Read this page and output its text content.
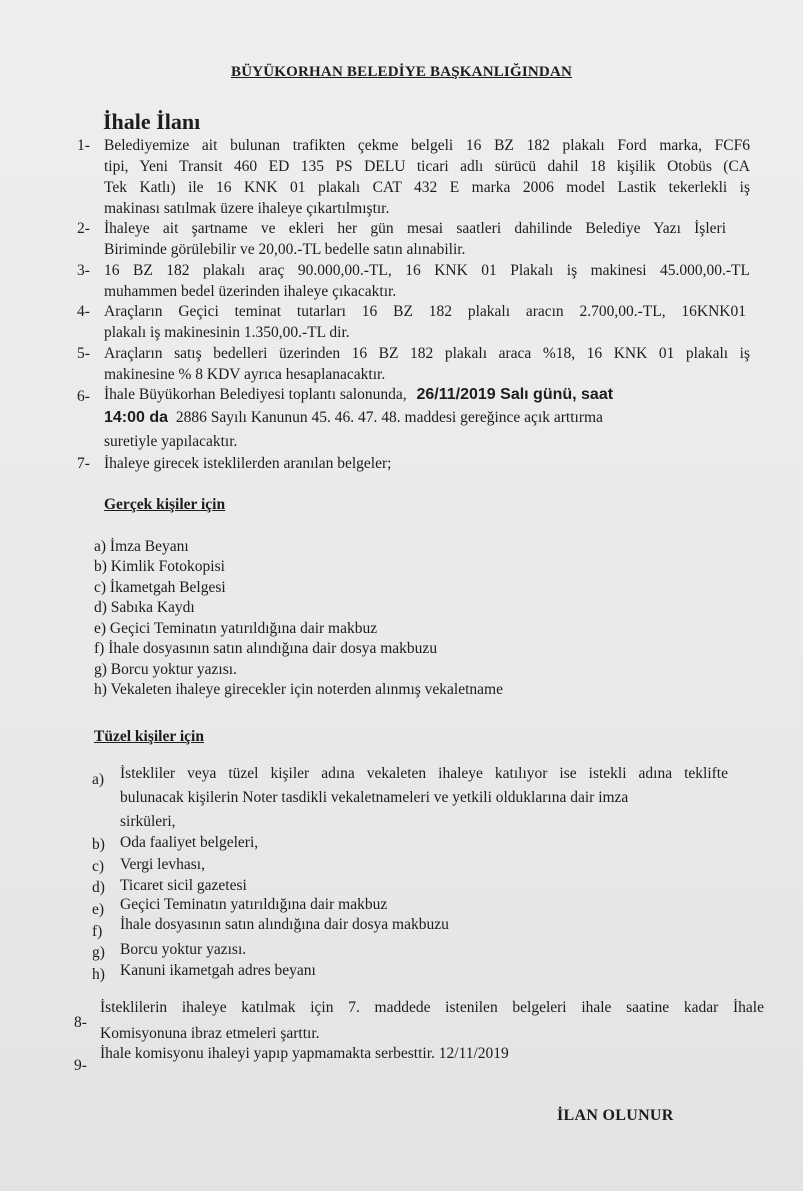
BÜYÜKORHAN BELEDİYE BAŞKANLIĞINDAN
İhale İlanı
1- Belediyemize ait bulunan trafikten çekme belgeli 16 BZ 182 plakalı Ford marka, FCF6
tipi, Yeni Transit 460 ED 135 PS DELU ticari adlı sürücü dahil 18 kişilik Otobüs (CA
Tek Katlı) ile 16 KNK 01 plakalı CAT 432 E marka 2006 model Lastik tekerlekli iş
makinası satılmak üzere ihaleye çıkartılmıştır.
2- İhaleye ait şartname ve ekleri her gün mesai saatleri dahilinde Belediye Yazı İşleri
Biriminde görülebilir ve 20,00.-TL bedelle satın alınabilir.
3- 16 BZ 182 plakalı araç 90.000,00.-TL, 16 KNK 01 Plakalı iş makinesi 45.000,00.-TL
muhammen bedel üzerinden ihaleye çıkacaktır.
4- Araçların Geçici teminat tutarları 16 BZ 182 plakalı aracın 2.700,00.-TL, 16KNK01
plakalı iş makinesinin 1.350,00.-TL dir.
5- Araçların satış bedelleri üzerinden 16 BZ 182 plakalı araca %18, 16 KNK 01 plakalı iş
makinesine % 8 KDV ayrıca hesaplanacaktır.
6- İhale Büyükorhan Belediyesi toplantı salonunda, 26/11/2019 Salı günü, saat
14:00 da 2886 Sayılı Kanunun 45. 46. 47. 48. maddesi gereğince açık arttırma
suretiyle yapılacaktır.
7- İhaleye girecek isteklilerden aranılan belgeler;
Gerçek kişiler için
a) İmza Beyanı
b) Kimlik Fotokopisi
c) İkametgah Belgesi
d) Sabıka Kaydı
e) Geçici Teminatın yatırıldığına dair makbuz
f) İhale dosyasının satın alındığına dair dosya makbuzu
g) Borcu yoktur yazısı.
h) Vekaleten ihaleye girecekler için noterden alınmış vekaletname
Tüzel kişiler için
a) İstekliler veya tüzel kişiler adına vekaleten ihaleye katılıyor ise istekli adına teklifte
bulunacak kişilerin Noter tasdikli vekaletnameleri ve yetkili olduklarına dair imza
sirküleri,
b) Oda faaliyet belgeleri,
c) Vergi levhası,
d) Ticaret sicil gazetesi
e) Geçici Teminatın yatırıldığına dair makbuz
f) İhale dosyasının satın alındığına dair dosya makbuzu
g) Borcu yoktur yazısı.
h) Kanuni ikametgah adres beyanı
8-
İsteklilerin ihaleye katılmak için 7. maddede istenilen belgeleri ihale saatine kadar İhale
Komisyonuna ibraz etmeleri şarttır.
9-
İhale komisyonu ihaleyi yapıp yapmamakta serbesttir. 12/11/2019
İLAN OLUNUR
